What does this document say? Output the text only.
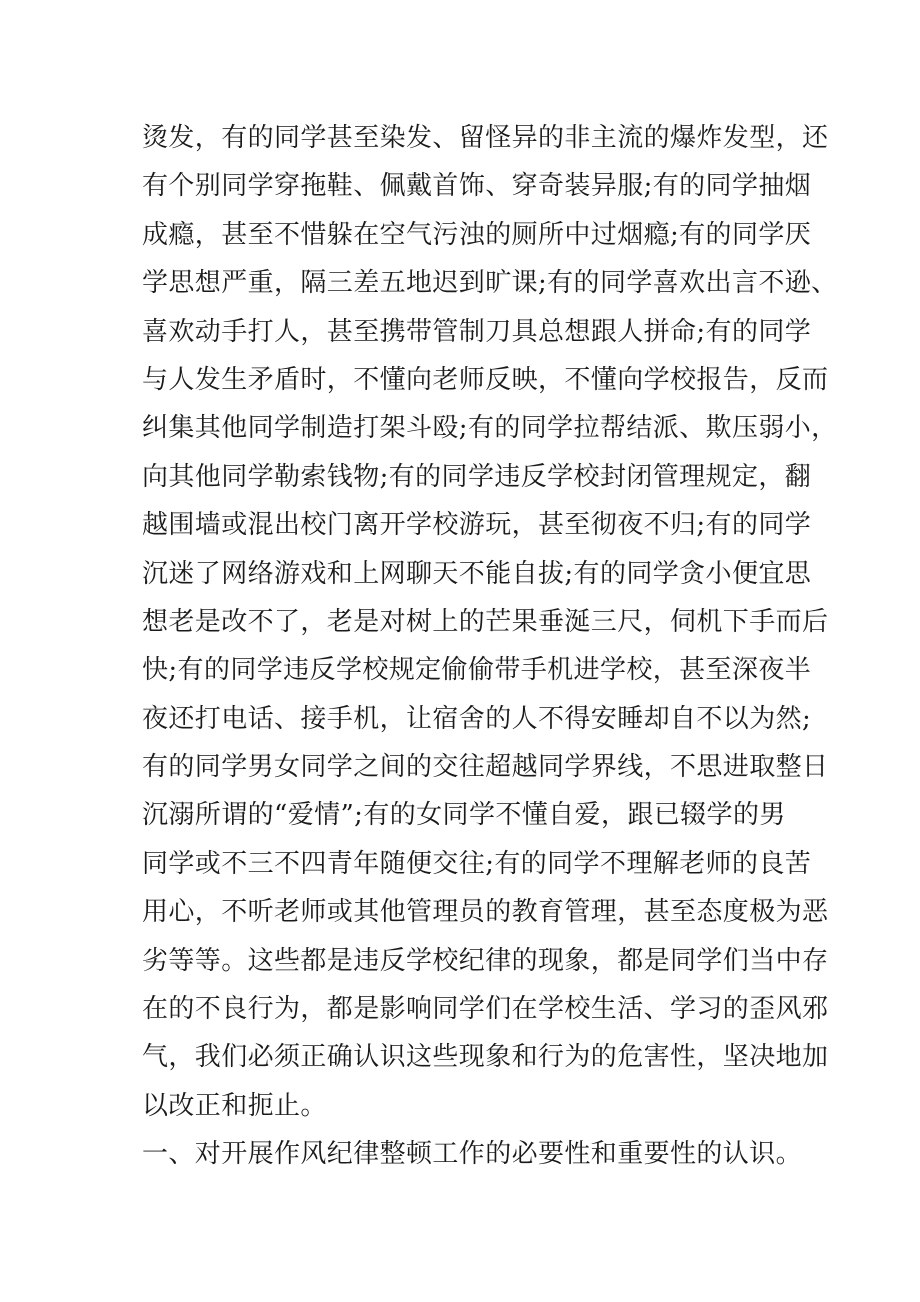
烫发，有的同学甚至染发、留怪异的非主流的爆炸发型，还
有个别同学穿拖鞋、佩戴首饰、穿奇装异服;有的同学抽烟
成瘾，甚至不惜躲在空气污浊的厕所中过烟瘾;有的同学厌
学思想严重，隔三差五地迟到旷课;有的同学喜欢出言不逊、
喜欢动手打人，甚至携带管制刀具总想跟人拼命;有的同学
与人发生矛盾时，不懂向老师反映，不懂向学校报告，反而
纠集其他同学制造打架斗殴;有的同学拉帮结派、欺压弱小，
向其他同学勒索钱物;有的同学违反学校封闭管理规定，翻
越围墙或混出校门离开学校游玩，甚至彻夜不归;有的同学
沉迷了网络游戏和上网聊天不能自拔;有的同学贪小便宜思
想老是改不了，老是对树上的芒果垂涎三尺，伺机下手而后
快;有的同学违反学校规定偷偷带手机进学校，甚至深夜半
夜还打电话、接手机，让宿舍的人不得安睡却自不以为然;
有的同学男女同学之间的交往超越同学界线，不思进取整日
沉溺所谓的“爱情”;有的女同学不懂自爱，跟已辍学的男
同学或不三不四青年随便交往;有的同学不理解老师的良苦
用心，不听老师或其他管理员的教育管理，甚至态度极为恶
劣等等。这些都是违反学校纪律的现象，都是同学们当中存
在的不良行为，都是影响同学们在学校生活、学习的歪风邪
气，我们必须正确认识这些现象和行为的危害性，坚决地加
以改正和扼止。
一、对开展作风纪律整顿工作的必要性和重要性的认识。
